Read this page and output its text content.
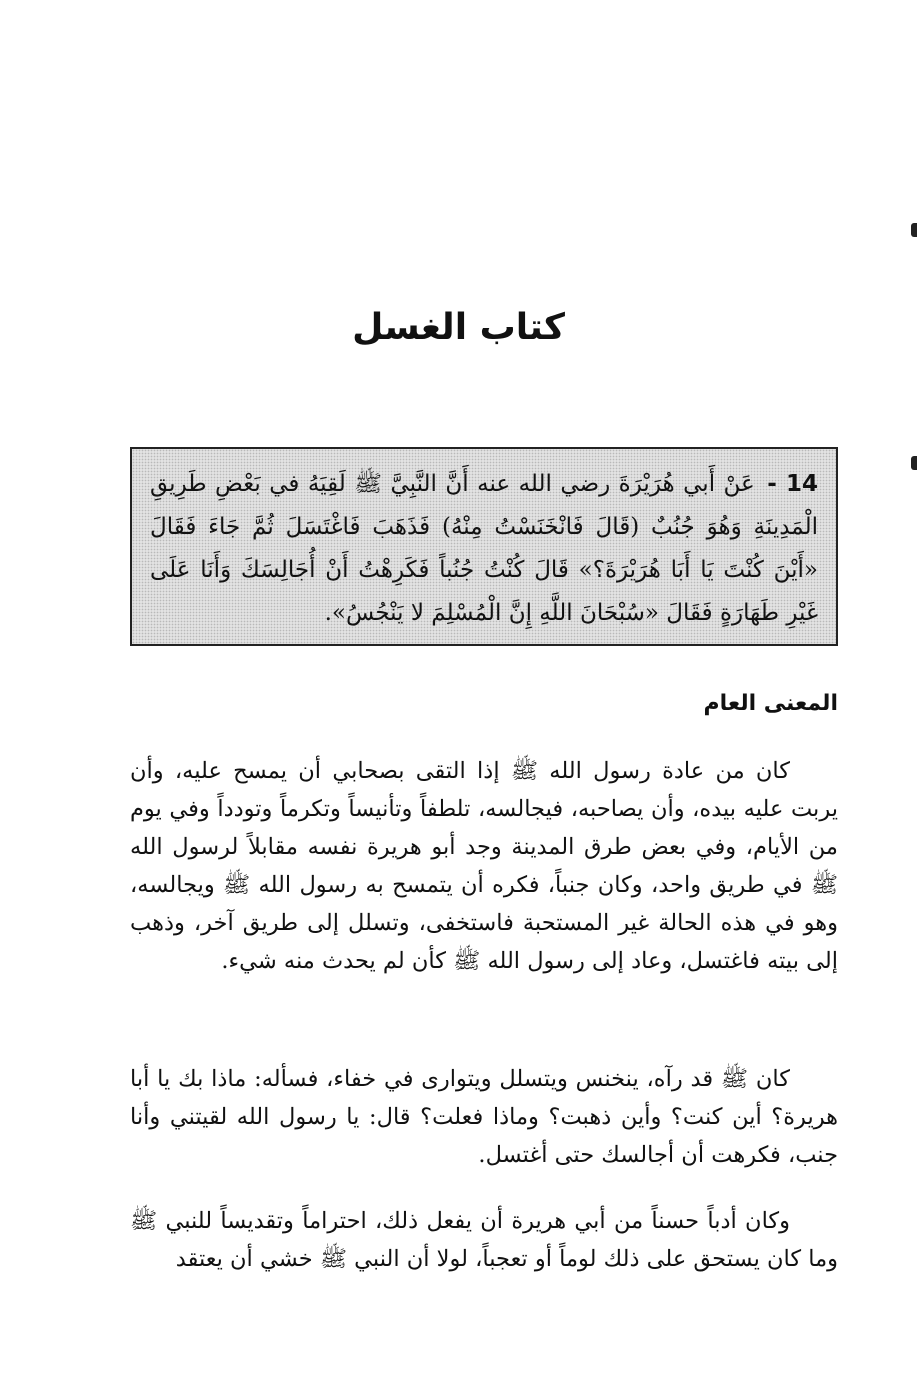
كتاب الغسل
14 - عَنْ أَبي هُرَيْرَةَ رضي الله عنه أَنَّ النَّبِيَّ ﷺ لَقِيَهُ في بَعْضِ طَرِيقِ الْمَدِينَةِ وَهُوَ جُنُبٌ (قَالَ فَانْخَنَسْتُ مِنْهُ) فَذَهَبَ فَاغْتَسَلَ ثُمَّ جَاءَ فَقَالَ «أَيْنَ كُنْتَ يَا أَبَا هُرَيْرَةَ؟» قَالَ كُنْتُ جُنُباً فَكَرِهْتُ أَنْ أُجَالِسَكَ وَأَنَا عَلَى غَيْرِ طَهَارَةٍ فَقَالَ «سُبْحَانَ اللَّهِ إِنَّ الْمُسْلِمَ لا يَنْجُسُ».
المعنى العام

كان من عادة رسول الله ﷺ إذا التقى بصحابي أن يمسح عليه، وأن يربت عليه بيده، وأن يصاحبه، فيجالسه، تلطفاً وتأنيساً وتكرماً وتودداً وفي يوم من الأيام، وفي بعض طرق المدينة وجد أبو هريرة نفسه مقابلاً لرسول الله ﷺ في طريق واحد، وكان جنباً، فكره أن يتمسح به رسول الله ﷺ ويجالسه، وهو في هذه الحالة غير المستحبة فاستخفى، وتسلل إلى طريق آخر، وذهب إلى بيته فاغتسل، وعاد إلى رسول الله ﷺ كأن لم يحدث منه شيء.

كان ﷺ قد رآه، ينخنس ويتسلل ويتوارى في خفاء، فسأله: ماذا بك يا أبا هريرة؟ أين كنت؟ وأين ذهبت؟ وماذا فعلت؟ قال: يا رسول الله لقيتني وأنا جنب، فكرهت أن أجالسك حتى أغتسل.

وكان أدباً حسناً من أبي هريرة أن يفعل ذلك، احتراماً وتقديساً للنبي ﷺ وما كان يستحق على ذلك لوماً أو تعجباً، لولا أن النبي ﷺ خشي أن يعتقد
